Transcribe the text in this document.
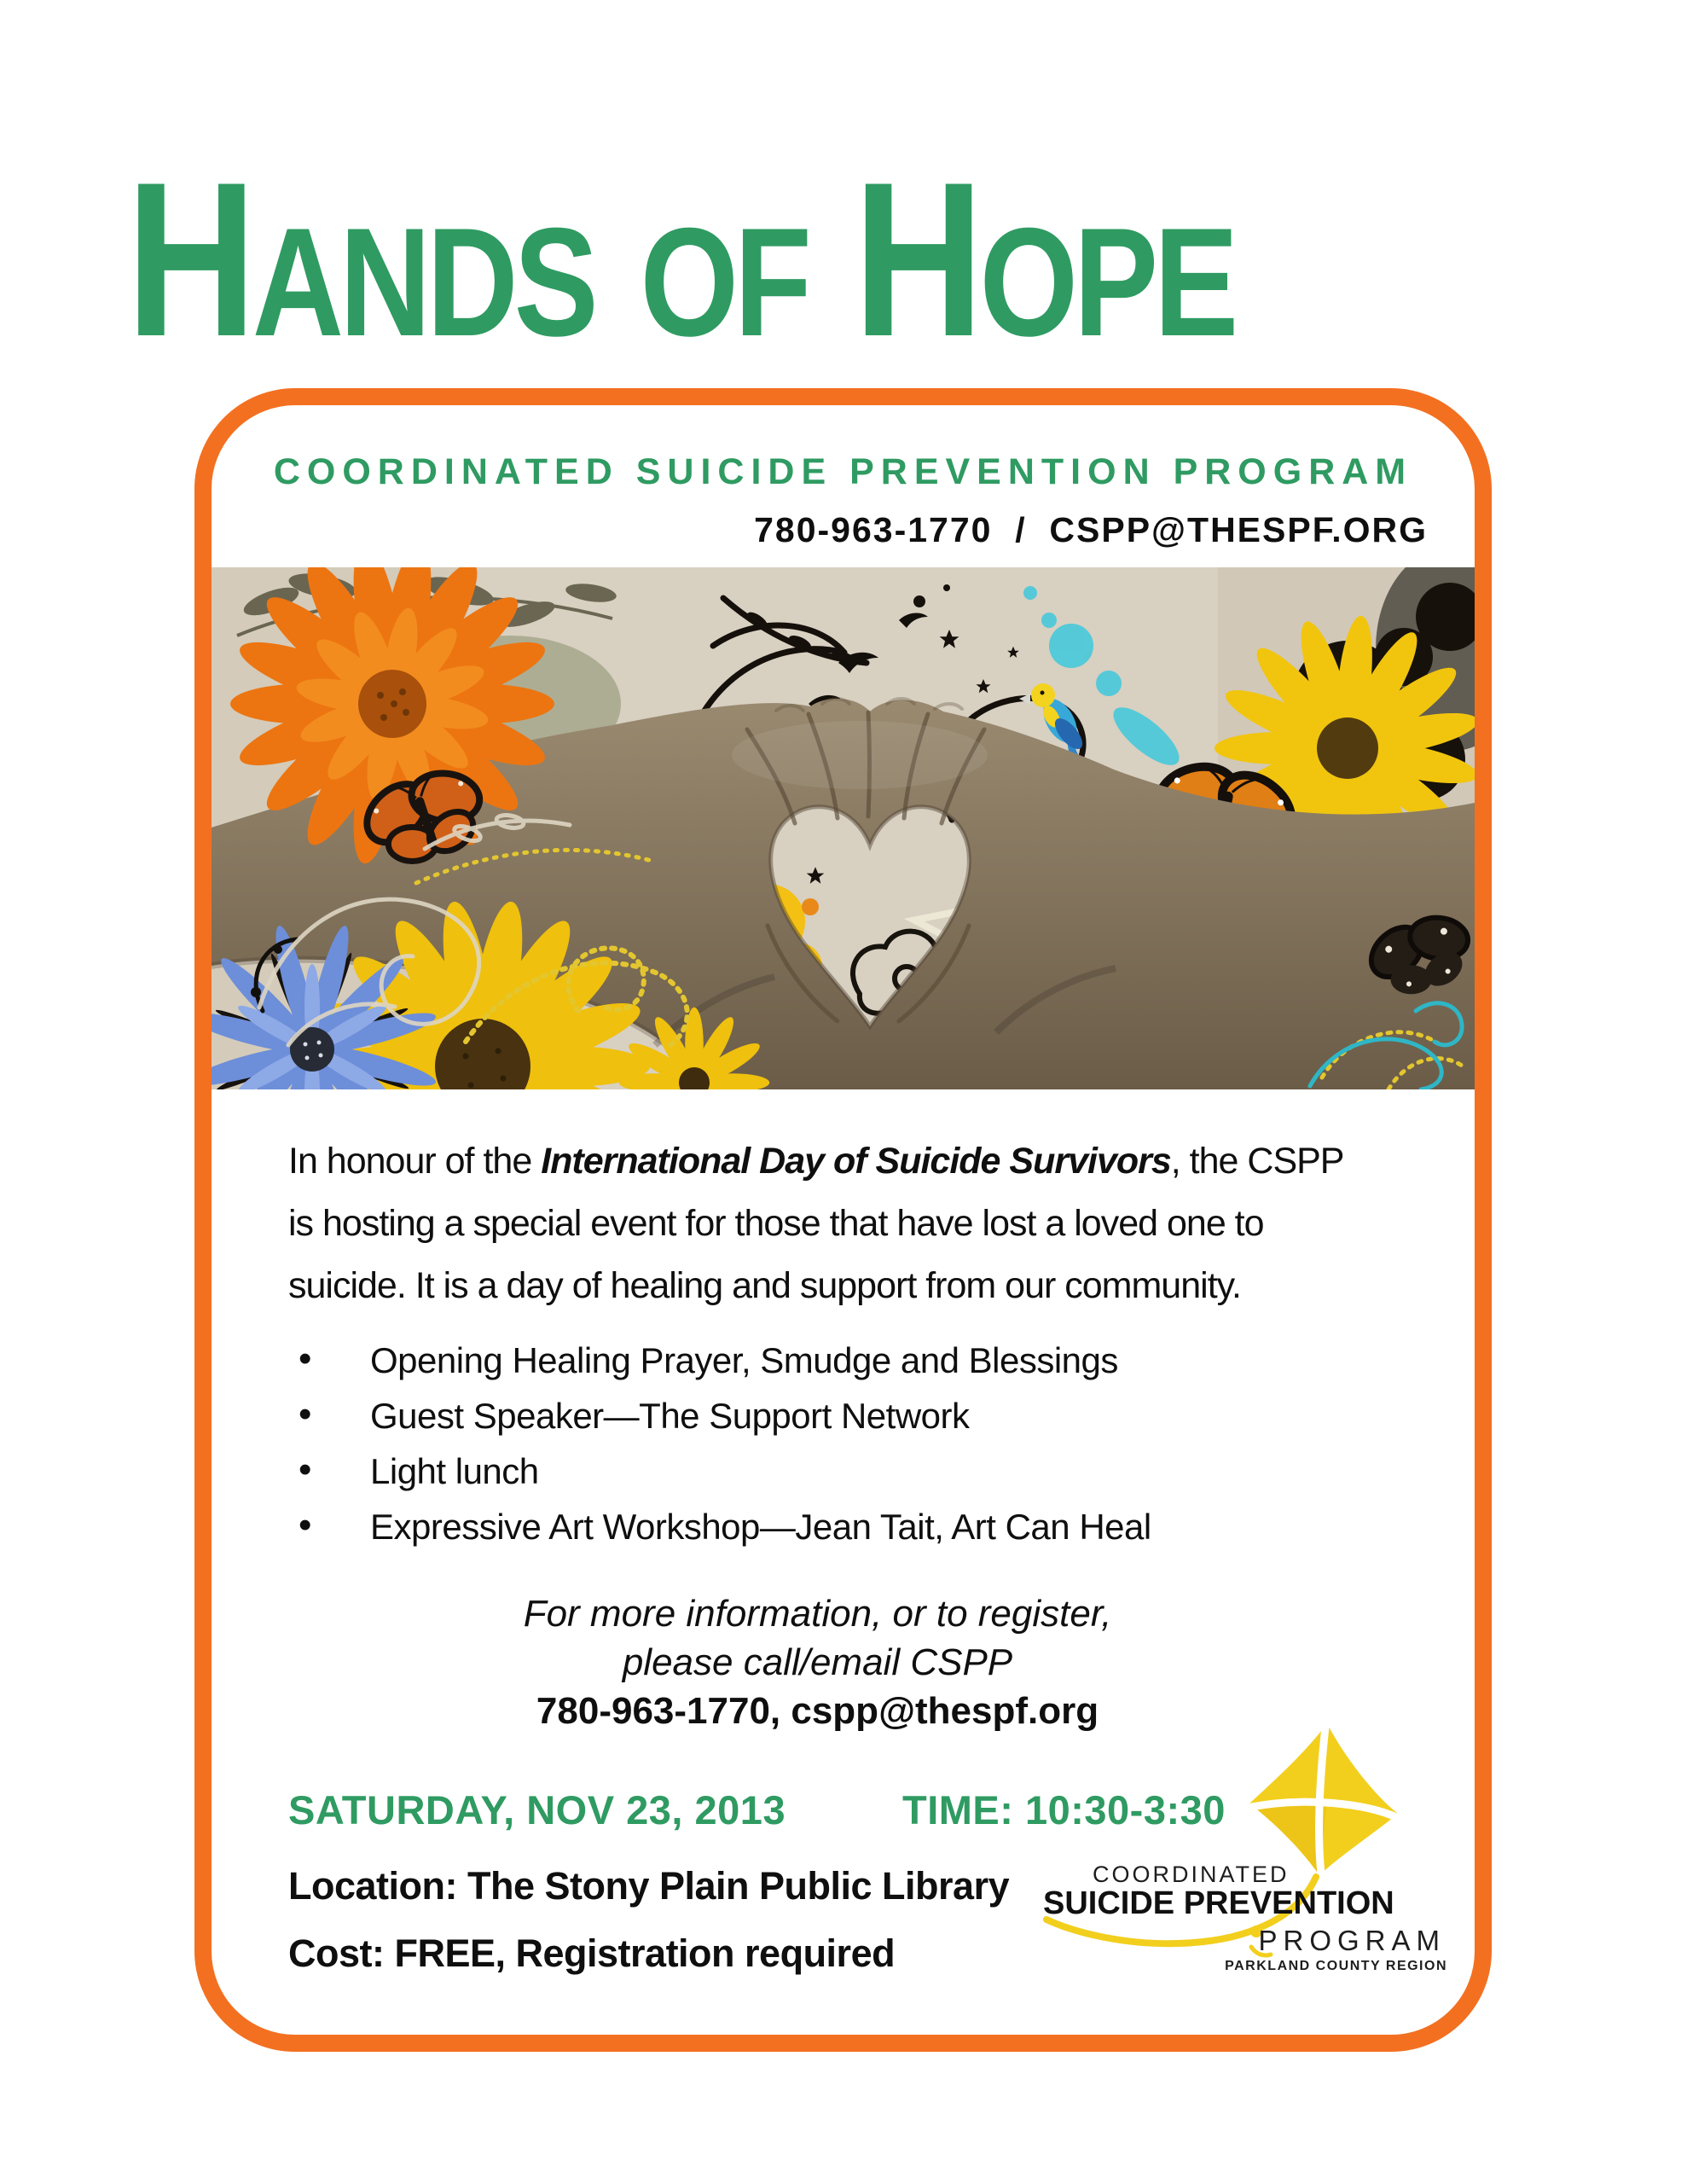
Hands of Hope
COORDINATED SUICIDE PREVENTION PROGRAM
780-963-1770  /  CSPP@THESPF.ORG
In honour of the International Day of Suicide Survivors, the CSPP is hosting a special event for those that have lost a loved one to suicide. It is a day of healing and support from our community.
• Opening Healing Prayer, Smudge and Blessings
• Guest Speaker—The Support Network
• Light lunch
• Expressive Art Workshop—Jean Tait, Art Can Heal
For more information, or to register,
please call/email CSPP
780-963-1770, cspp@thespf.org
SATURDAY, NOV 23, 2013	TIME: 10:30-3:30
Location: The Stony Plain Public Library
Cost: FREE, Registration required
COORDINATED
SUICIDE PREVENTION
PROGRAM
PARKLAND COUNTY REGION
